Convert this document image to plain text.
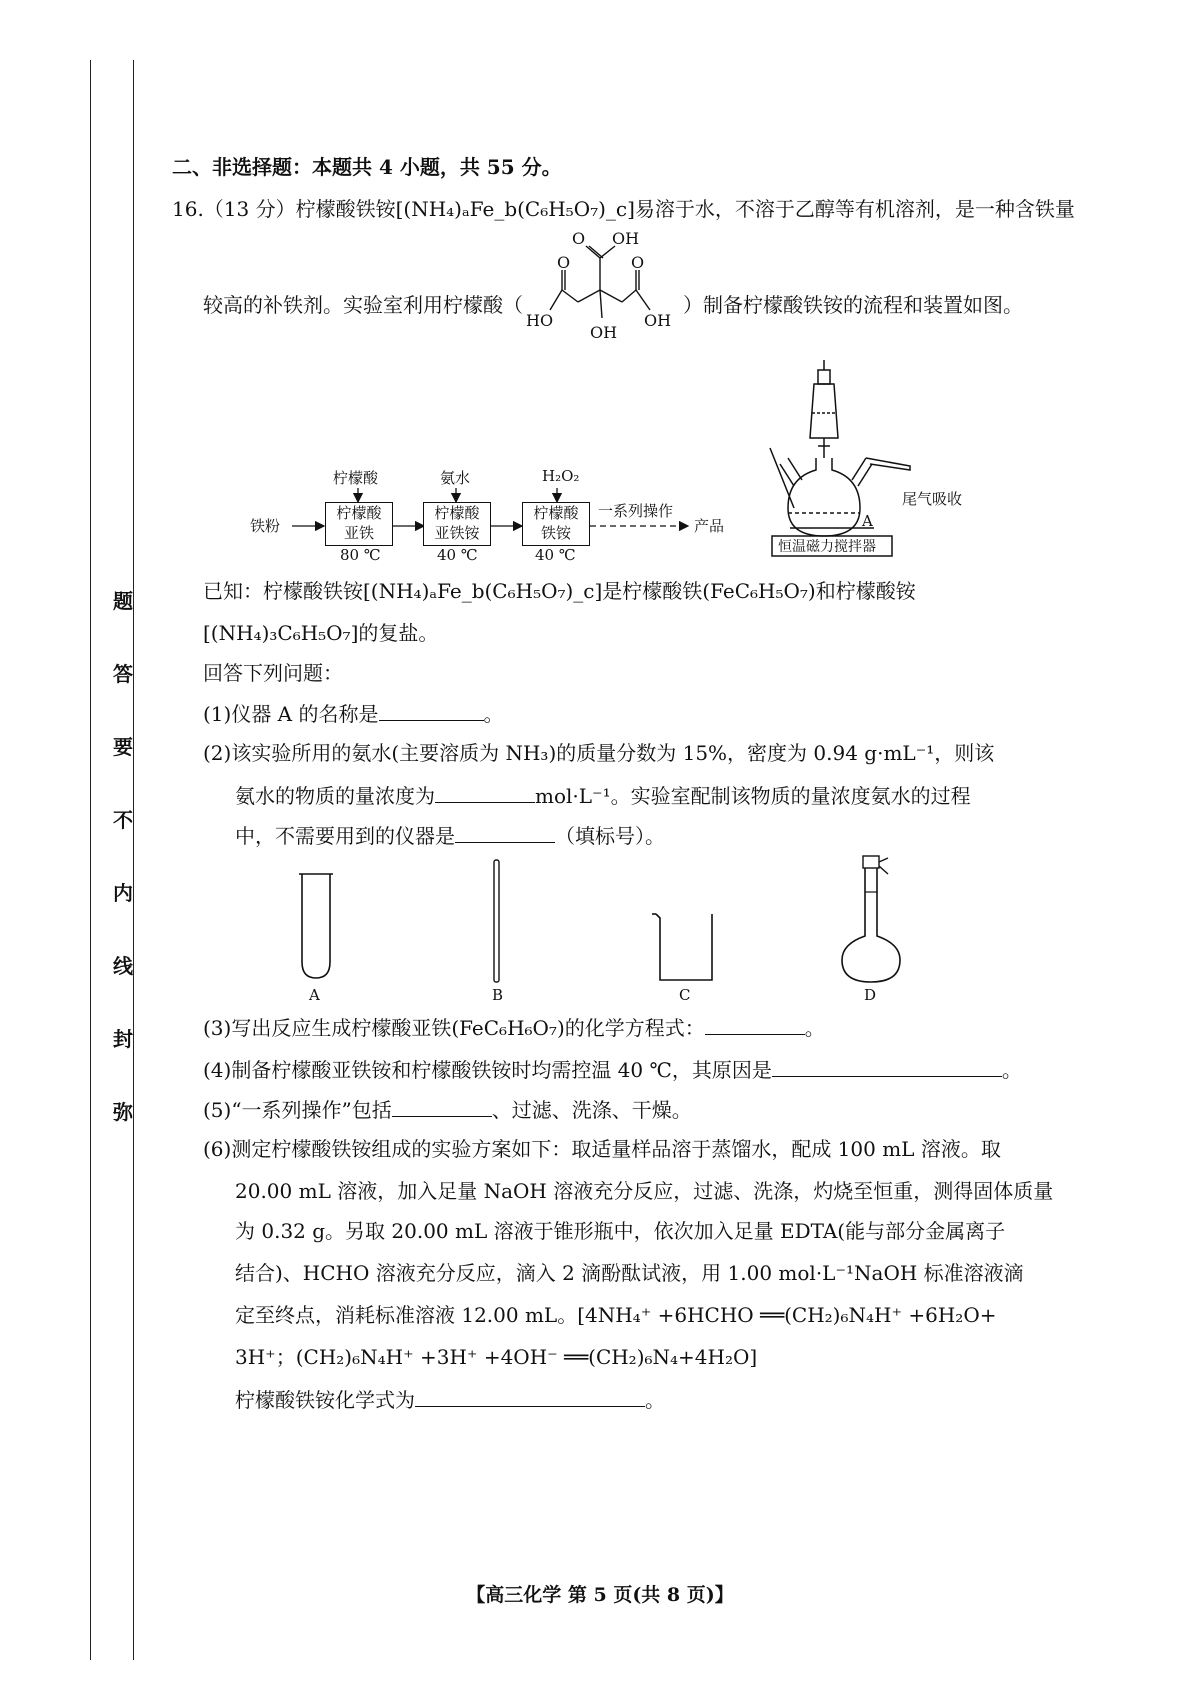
题
答
要
不
内
线
封
弥
二、非选择题：本题共 4 小题，共 55 分。
16.（13 分）柠檬酸铁铵[(NH₄)ₐFe_b(C₆H₅O₇)_c]易溶于水，不溶于乙醇等有机溶剂，是一种含铁量
较高的补铁剂。实验室利用柠檬酸（	）制备柠檬酸铁铵的流程和装置如图。
O OH
O	O
HO
OH
OH
铁粉
柠檬酸	氨水	H₂O₂
柠檬酸
亚铁
柠檬酸
亚铁铵
柠檬酸
铁铵
80 ℃	40 ℃	40 ℃
一系列操作
产品
尾气吸收
A
恒温磁力搅拌器
已知：柠檬酸铁铵[(NH₄)ₐFe_b(C₆H₅O₇)_c]是柠檬酸铁(FeC₆H₅O₇)和柠檬酸铵
[(NH₄)₃C₆H₅O₇]的复盐。
回答下列问题：
(1)仪器 A 的名称是	。
(2)该实验所用的氨水(主要溶质为 NH₃)的质量分数为 15%，密度为 0.94 g·mL⁻¹，则该
氨水的物质的量浓度为	mol·L⁻¹。实验室配制该物质的量浓度氨水的过程
中，不需要用到的仪器是	（填标号）。
A	B	C	D
(3)写出反应生成柠檬酸亚铁(FeC₆H₆O₇)的化学方程式：	。
(4)制备柠檬酸亚铁铵和柠檬酸铁铵时均需控温 40 ℃，其原因是	。
(5)“一系列操作”包括	、过滤、洗涤、干燥。
(6)测定柠檬酸铁铵组成的实验方案如下：取适量样品溶于蒸馏水，配成 100 mL 溶液。取
20.00 mL 溶液，加入足量 NaOH 溶液充分反应，过滤、洗涤，灼烧至恒重，测得固体质量
为 0.32 g。另取 20.00 mL 溶液于锥形瓶中，依次加入足量 EDTA(能与部分金属离子
结合)、HCHO 溶液充分反应，滴入 2 滴酚酞试液，用 1.00 mol·L⁻¹NaOH 标准溶液滴
定至终点，消耗标准溶液 12.00 mL。[4NH₄⁺ +6HCHO ══(CH₂)₆N₄H⁺ +6H₂O+
3H⁺；(CH₂)₆N₄H⁺ +3H⁺ +4OH⁻ ══(CH₂)₆N₄+4H₂O]
柠檬酸铁铵化学式为	。
【高三化学 第 5 页(共 8 页)】
